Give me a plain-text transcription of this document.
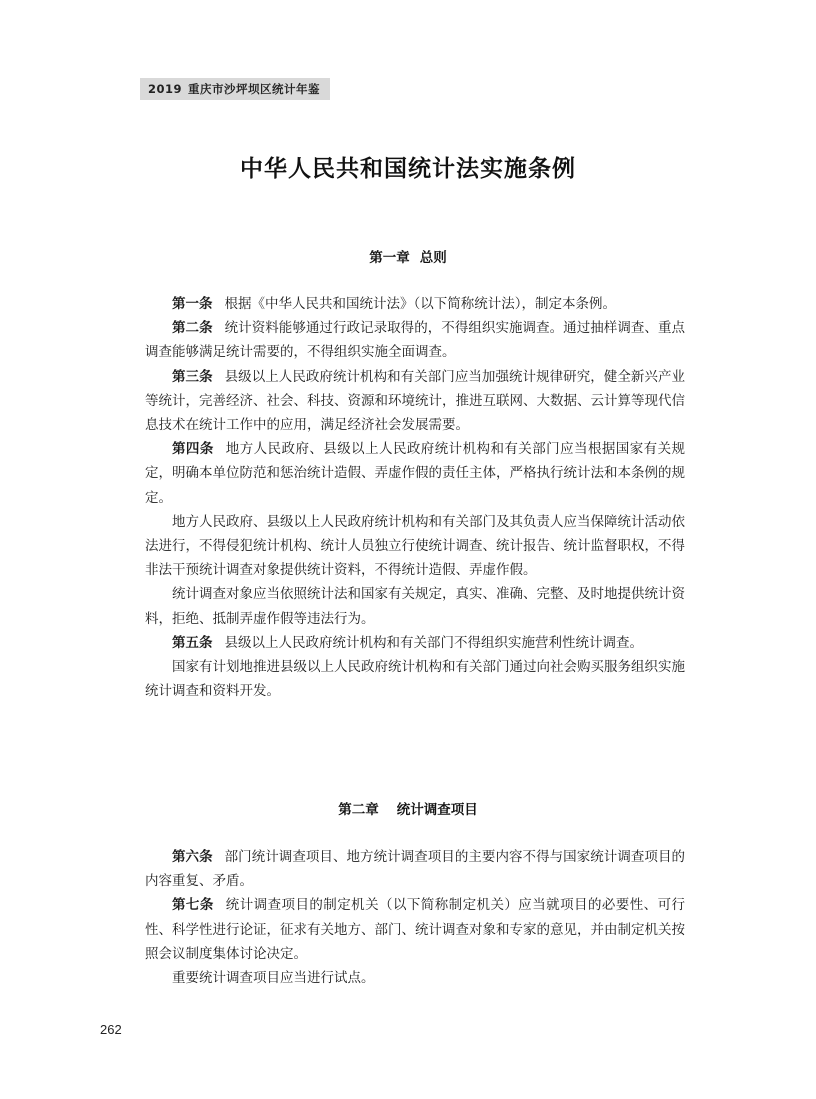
2019 重庆市沙坪坝区统计年鉴
中华人民共和国统计法实施条例
第一章 总则

第一条 根据《中华人民共和国统计法》（以下简称统计法），制定本条例。

第二条 统计资料能够通过行政记录取得的，不得组织实施调查。通过抽样调查、重点调查能够满足统计需要的，不得组织实施全面调查。

第三条 县级以上人民政府统计机构和有关部门应当加强统计规律研究，健全新兴产业等统计，完善经济、社会、科技、资源和环境统计，推进互联网、大数据、云计算等现代信息技术在统计工作中的应用，满足经济社会发展需要。

第四条 地方人民政府、县级以上人民政府统计机构和有关部门应当根据国家有关规定，明确本单位防范和惩治统计造假、弄虚作假的责任主体，严格执行统计法和本条例的规定。

地方人民政府、县级以上人民政府统计机构和有关部门及其负责人应当保障统计活动依法进行，不得侵犯统计机构、统计人员独立行使统计调查、统计报告、统计监督职权，不得非法干预统计调查对象提供统计资料，不得统计造假、弄虚作假。

统计调查对象应当依照统计法和国家有关规定，真实、准确、完整、及时地提供统计资料，拒绝、抵制弄虚作假等违法行为。

第五条 县级以上人民政府统计机构和有关部门不得组织实施营利性统计调查。

国家有计划地推进县级以上人民政府统计机构和有关部门通过向社会购买服务组织实施统计调查和资料开发。

第二章 统计调查项目

第六条 部门统计调查项目、地方统计调查项目的主要内容不得与国家统计调查项目的内容重复、矛盾。

第七条 统计调查项目的制定机关（以下简称制定机关）应当就项目的必要性、可行性、科学性进行论证，征求有关地方、部门、统计调查对象和专家的意见，并由制定机关按照会议制度集体讨论决定。

重要统计调查项目应当进行试点。

262
